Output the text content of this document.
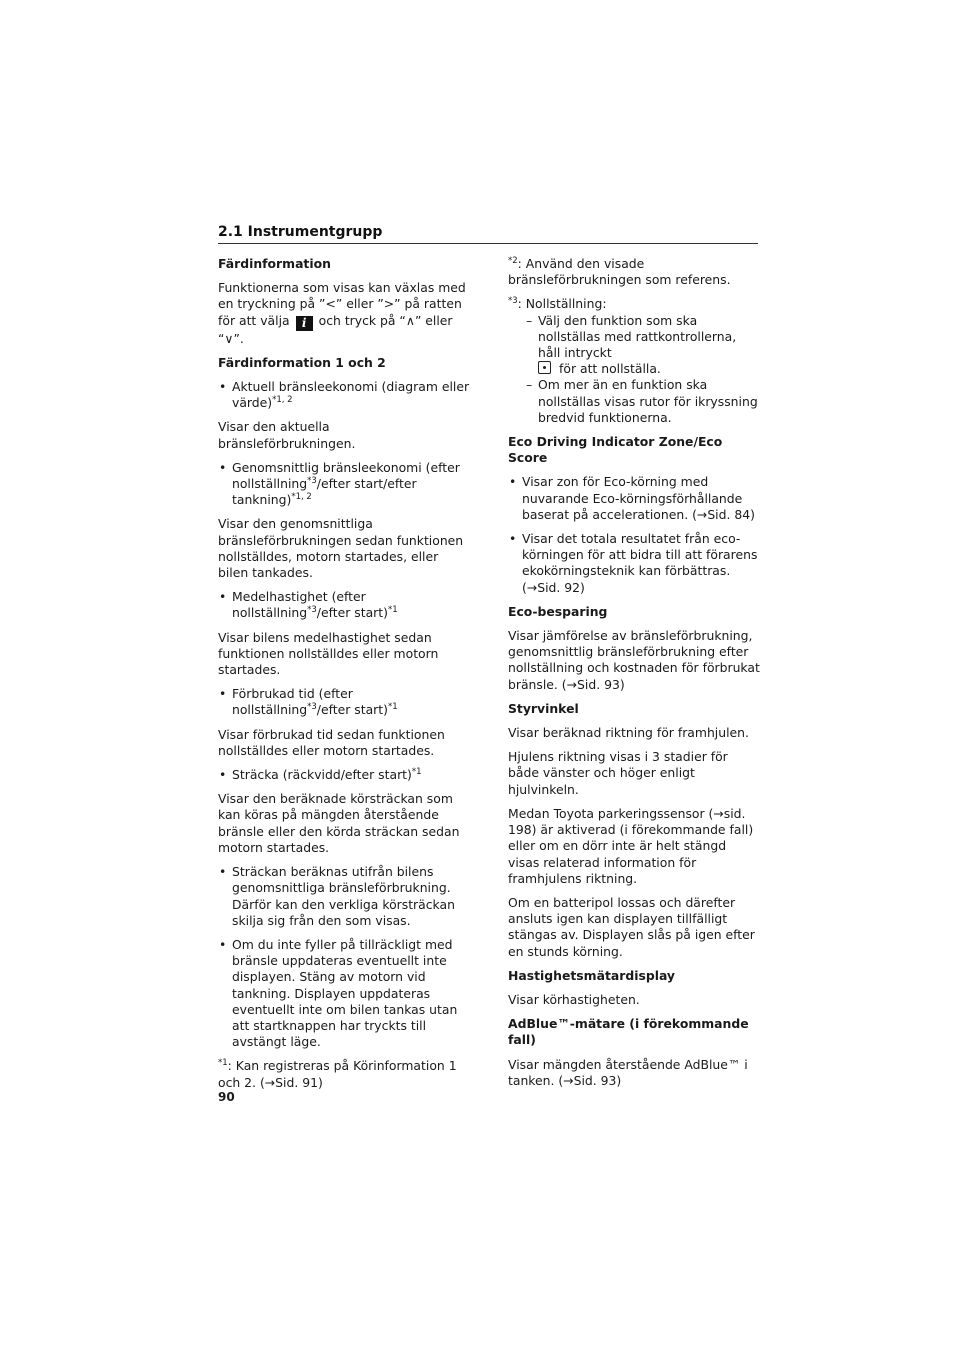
2.1 Instrumentgrupp
Färdinformation

Funktionerna som visas kan växlas med en tryckning på ”<” eller ”>” på ratten för att välja i och tryck på “∧” eller “∨”.

Färdinformation 1 och 2
• Aktuell bränsleekonomi (diagram eller värde)$^{*1, 2}$

Visar den aktuella bränsleförbrukningen.

• Genomsnittlig bränsleekonomi (efter nollställning$^{*3}$/efter start/efter tankning)$^{*1, 2}$

Visar den genomsnittliga bränsleförbrukningen sedan funktionen nollställdes, motorn startades, eller bilen tankades.

• Medelhastighet (efter nollställning$^{*3}$/efter start)$^{*1}$

Visar bilens medelhastighet sedan funktionen nollställdes eller motorn startades.

• Förbrukad tid (efter nollställning$^{*3}$/efter start)$^{*1}$

Visar förbrukad tid sedan funktionen nollställdes eller motorn startades.

• Sträcka (räckvidd/efter start)$^{*1}$

Visar den beräknade körsträckan som kan köras på mängden återstående bränsle eller den körda sträckan sedan motorn startades.

• Sträckan beräknas utifrån bilens genomsnittliga bränsleförbrukning. Därför kan den verkliga körsträckan skilja sig från den som visas.
• Om du inte fyller på tillräckligt med bränsle uppdateras eventuellt inte displayen. Stäng av motorn vid tankning. Displayen uppdateras eventuellt inte om bilen tankas utan att startknappen har tryckts till avstängt läge.

$^{*1}$: Kan registreras på Körinformation 1 och 2. (→Sid. 91)

$^{*2}$: Använd den visade bränsleförbrukningen som referens.

$^{*3}$: Nollställning:

– Välj den funktion som ska nollställas med rattkontrollerna, håll intryckt
för att nollställa.
– Om mer än en funktion ska nollställas visas rutor för ikryssning bredvid funktionerna.
Eco Driving Indicator Zone/Eco Score
• Visar zon för Eco-körning med nuvarande Eco-körningsförhållande baserat på accelerationen. (→Sid. 84)
• Visar det totala resultatet från eco-körningen för att bidra till att förarens ekokörningsteknik kan förbättras. (→Sid. 92)
Eco-besparing

Visar jämförelse av bränsleförbrukning, genomsnittlig bränsleförbrukning efter nollställning och kostnaden för förbrukat bränsle. (→Sid. 93)

Styrvinkel

Visar beräknad riktning för framhjulen.

Hjulens riktning visas i 3 stadier för både vänster och höger enligt hjulvinkeln.

Medan Toyota parkeringssensor (→sid. 198) är aktiverad (i förekommande fall) eller om en dörr inte är helt stängd visas relaterad information för framhjulens riktning.

Om en batteripol lossas och därefter ansluts igen kan displayen tillfälligt stängas av. Displayen slås på igen efter en stunds körning.

Hastighetsmätardisplay

Visar körhastigheten.

AdBlue™-mätare (i förekommande fall)

Visar mängden återstående AdBlue™ i tanken. (→Sid. 93)

90
